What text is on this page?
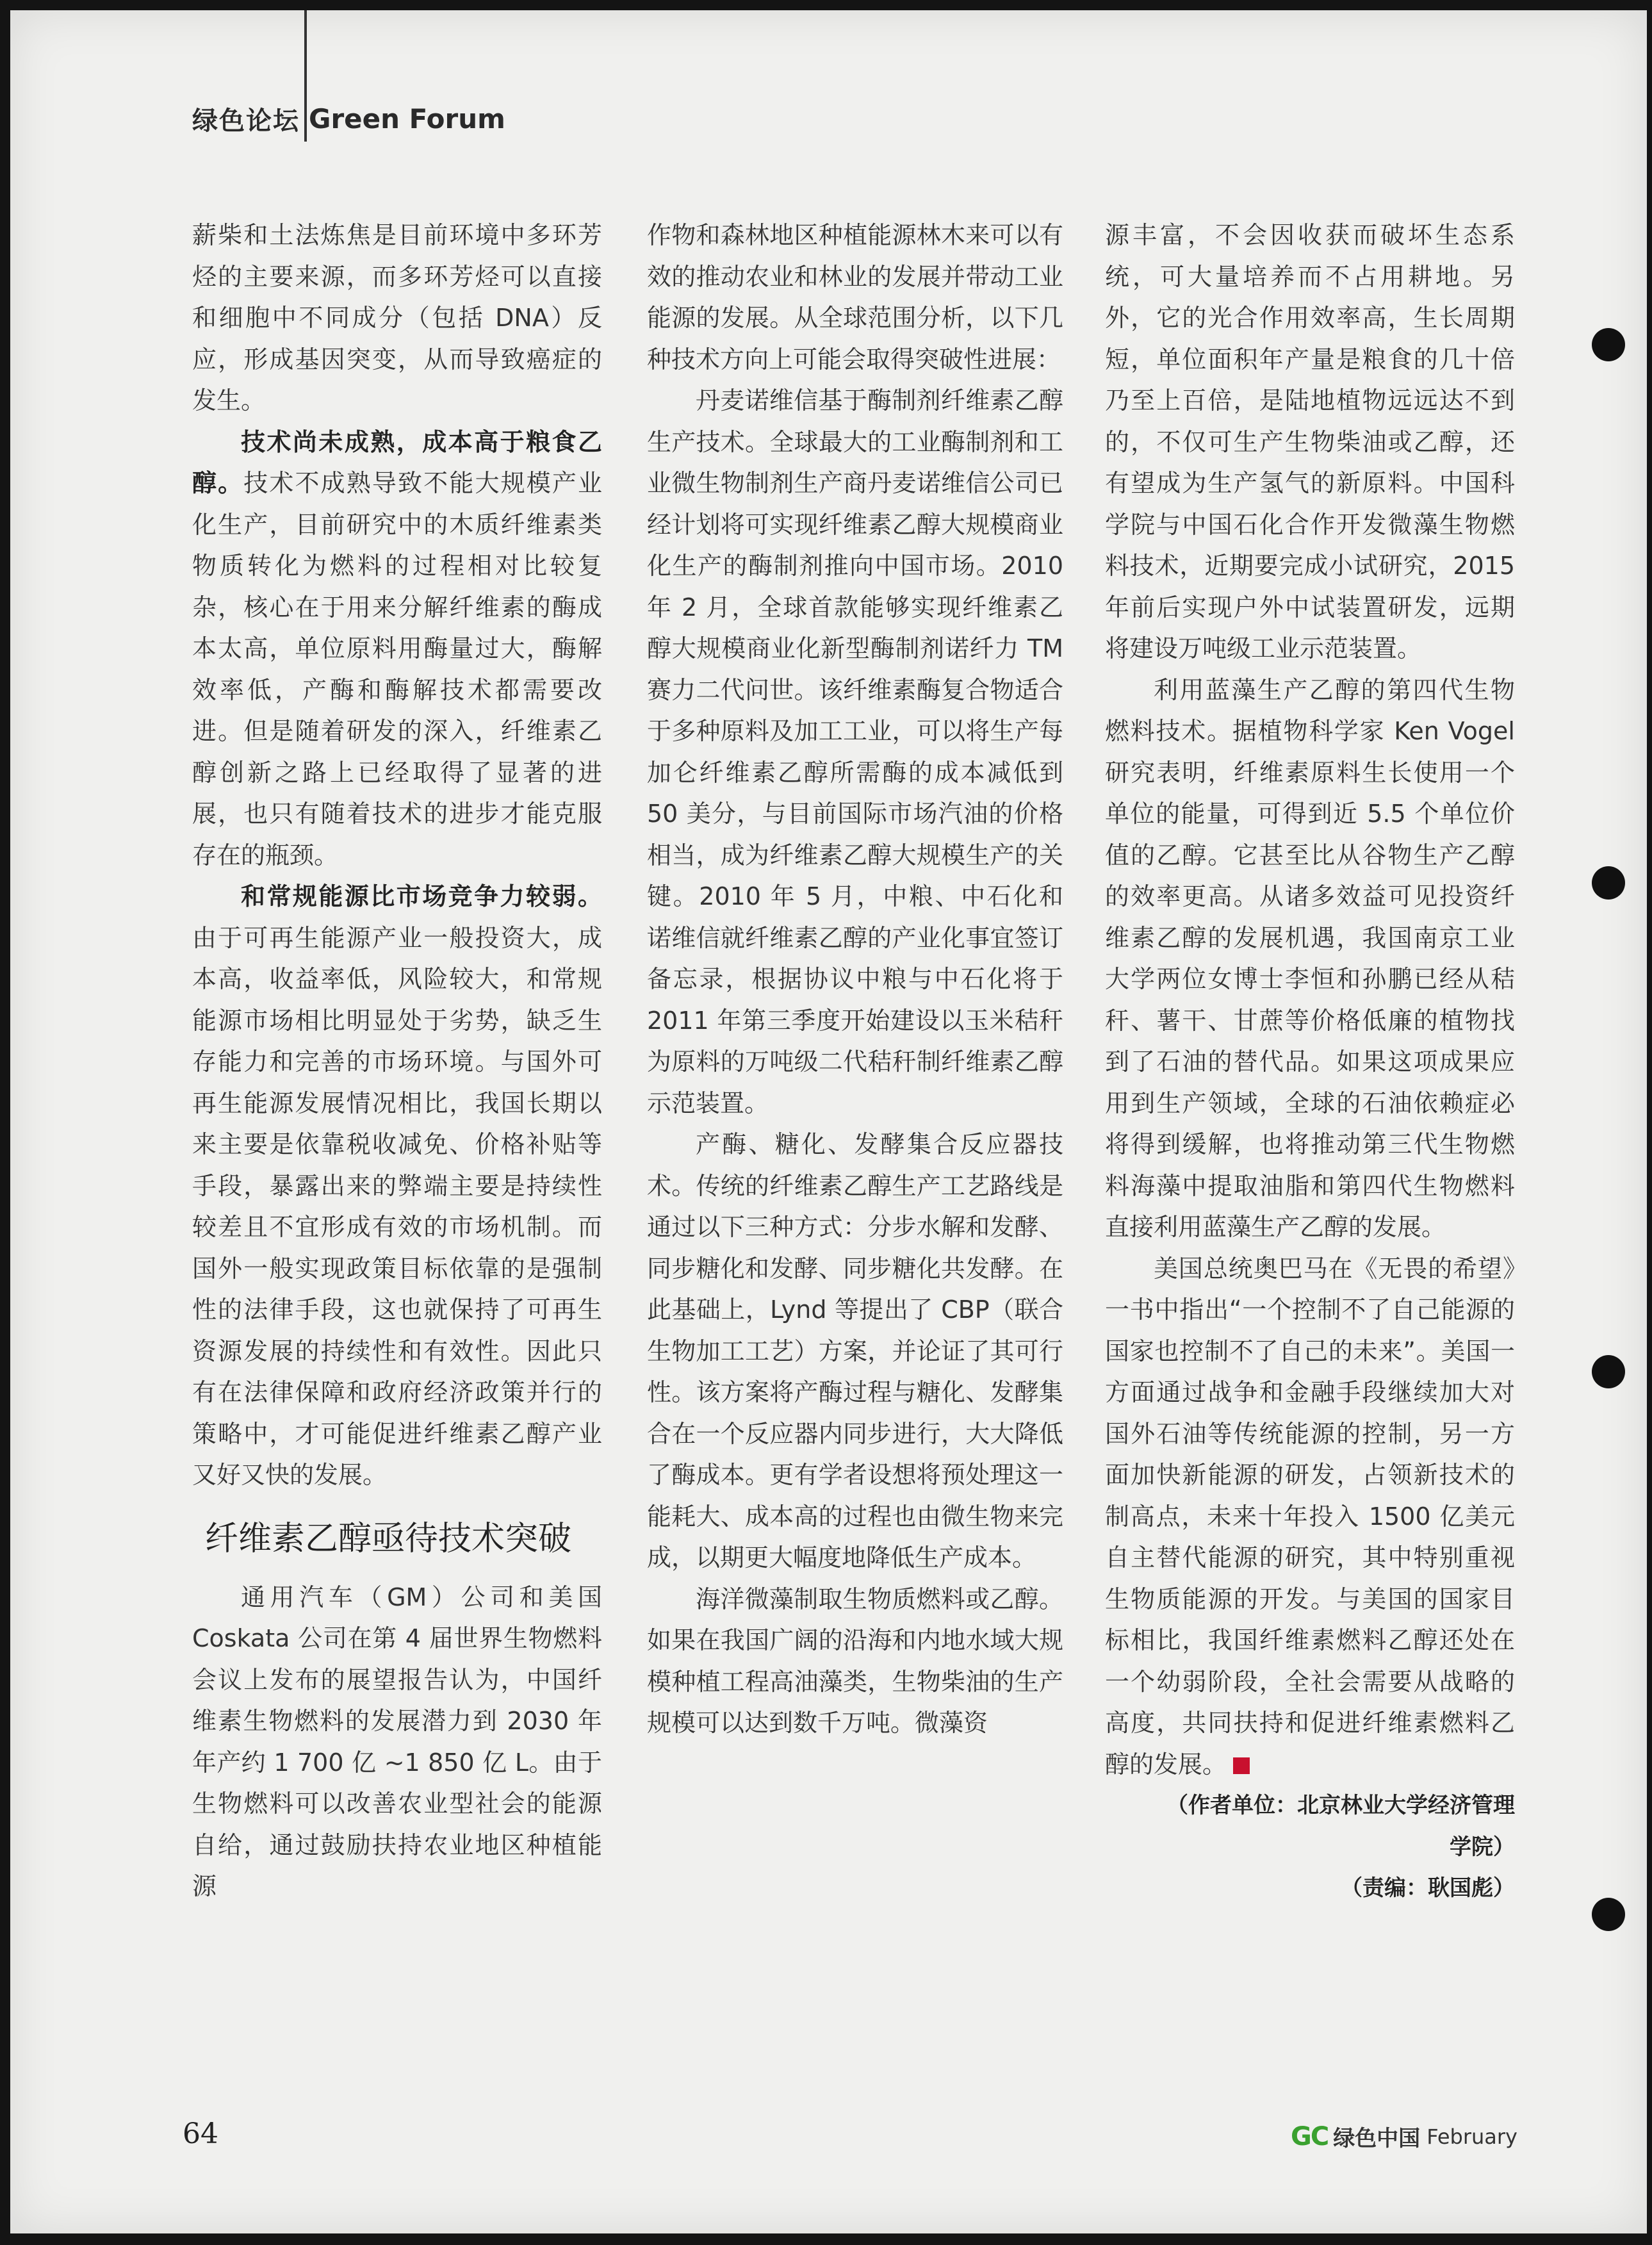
绿色论坛 Green Forum

薪柴和土法炼焦是目前环境中多环芳烃的主要来源，而多环芳烃可以直接和细胞中不同成分（包括 DNA）反应，形成基因突变，从而导致癌症的发生。

技术尚未成熟，成本高于粮食乙醇。技术不成熟导致不能大规模产业化生产，目前研究中的木质纤维素类物质转化为燃料的过程相对比较复杂，核心在于用来分解纤维素的酶成本太高，单位原料用酶量过大，酶解效率低，产酶和酶解技术都需要改进。但是随着研发的深入，纤维素乙醇创新之路上已经取得了显著的进展，也只有随着技术的进步才能克服存在的瓶颈。

和常规能源比市场竞争力较弱。由于可再生能源产业一般投资大，成本高，收益率低，风险较大，和常规能源市场相比明显处于劣势，缺乏生存能力和完善的市场环境。与国外可再生能源发展情况相比，我国长期以来主要是依靠税收减免、价格补贴等手段，暴露出来的弊端主要是持续性较差且不宜形成有效的市场机制。而国外一般实现政策目标依靠的是强制性的法律手段，这也就保持了可再生资源发展的持续性和有效性。因此只有在法律保障和政府经济政策并行的策略中，才可能促进纤维素乙醇产业又好又快的发展。

纤维素乙醇亟待技术突破

通用汽车（GM）公司和美国 Coskata 公司在第 4 届世界生物燃料会议上发布的展望报告认为，中国纤维素生物燃料的发展潜力到 2030 年年产约 1 700 亿 ~1 850 亿 L。由于生物燃料可以改善农业型社会的能源自给，通过鼓励扶持农业地区种植能源

作物和森林地区种植能源林木来可以有效的推动农业和林业的发展并带动工业能源的发展。从全球范围分析，以下几种技术方向上可能会取得突破性进展：

丹麦诺维信基于酶制剂纤维素乙醇生产技术。全球最大的工业酶制剂和工业微生物制剂生产商丹麦诺维信公司已经计划将可实现纤维素乙醇大规模商业化生产的酶制剂推向中国市场。2010 年 2 月，全球首款能够实现纤维素乙醇大规模商业化新型酶制剂诺纤力 TM 赛力二代问世。该纤维素酶复合物适合于多种原料及加工工业，可以将生产每加仑纤维素乙醇所需酶的成本减低到 50 美分，与目前国际市场汽油的价格相当，成为纤维素乙醇大规模生产的关键。2010 年 5 月，中粮、中石化和诺维信就纤维素乙醇的产业化事宜签订备忘录，根据协议中粮与中石化将于 2011 年第三季度开始建设以玉米秸秆为原料的万吨级二代秸秆制纤维素乙醇示范装置。

产酶、糖化、发酵集合反应器技术。传统的纤维素乙醇生产工艺路线是通过以下三种方式：分步水解和发酵、同步糖化和发酵、同步糖化共发酵。在此基础上，Lynd 等提出了 CBP（联合生物加工工艺）方案，并论证了其可行性。该方案将产酶过程与糖化、发酵集合在一个反应器内同步进行，大大降低了酶成本。更有学者设想将预处理这一能耗大、成本高的过程也由微生物来完成，以期更大幅度地降低生产成本。

海洋微藻制取生物质燃料或乙醇。如果在我国广阔的沿海和内地水域大规模种植工程高油藻类，生物柴油的生产规模可以达到数千万吨。微藻资

源丰富，不会因收获而破坏生态系统，可大量培养而不占用耕地。另外，它的光合作用效率高，生长周期短，单位面积年产量是粮食的几十倍乃至上百倍，是陆地植物远远达不到的，不仅可生产生物柴油或乙醇，还有望成为生产氢气的新原料。中国科学院与中国石化合作开发微藻生物燃料技术，近期要完成小试研究，2015 年前后实现户外中试装置研发，远期将建设万吨级工业示范装置。

利用蓝藻生产乙醇的第四代生物燃料技术。据植物科学家 Ken Vogel 研究表明，纤维素原料生长使用一个单位的能量，可得到近 5.5 个单位价值的乙醇。它甚至比从谷物生产乙醇的效率更高。从诸多效益可见投资纤维素乙醇的发展机遇，我国南京工业大学两位女博士李恒和孙鹏已经从秸秆、薯干、甘蔗等价格低廉的植物找到了石油的替代品。如果这项成果应用到生产领域，全球的石油依赖症必将得到缓解，也将推动第三代生物燃料海藻中提取油脂和第四代生物燃料直接利用蓝藻生产乙醇的发展。

美国总统奥巴马在《无畏的希望》一书中指出“一个控制不了自己能源的国家也控制不了自己的未来”。美国一方面通过战争和金融手段继续加大对国外石油等传统能源的控制，另一方面加快新能源的研发，占领新技术的制高点，未来十年投入 1500 亿美元自主替代能源的研究，其中特别重视生物质能源的开发。与美国的国家目标相比，我国纤维素燃料乙醇还处在一个幼弱阶段，全社会需要从战略的高度，共同扶持和促进纤维素燃料乙醇的发展。

（作者单位：北京林业大学经济管理学院）

（责编：耿国彪）

64	GC 绿色中国 February
